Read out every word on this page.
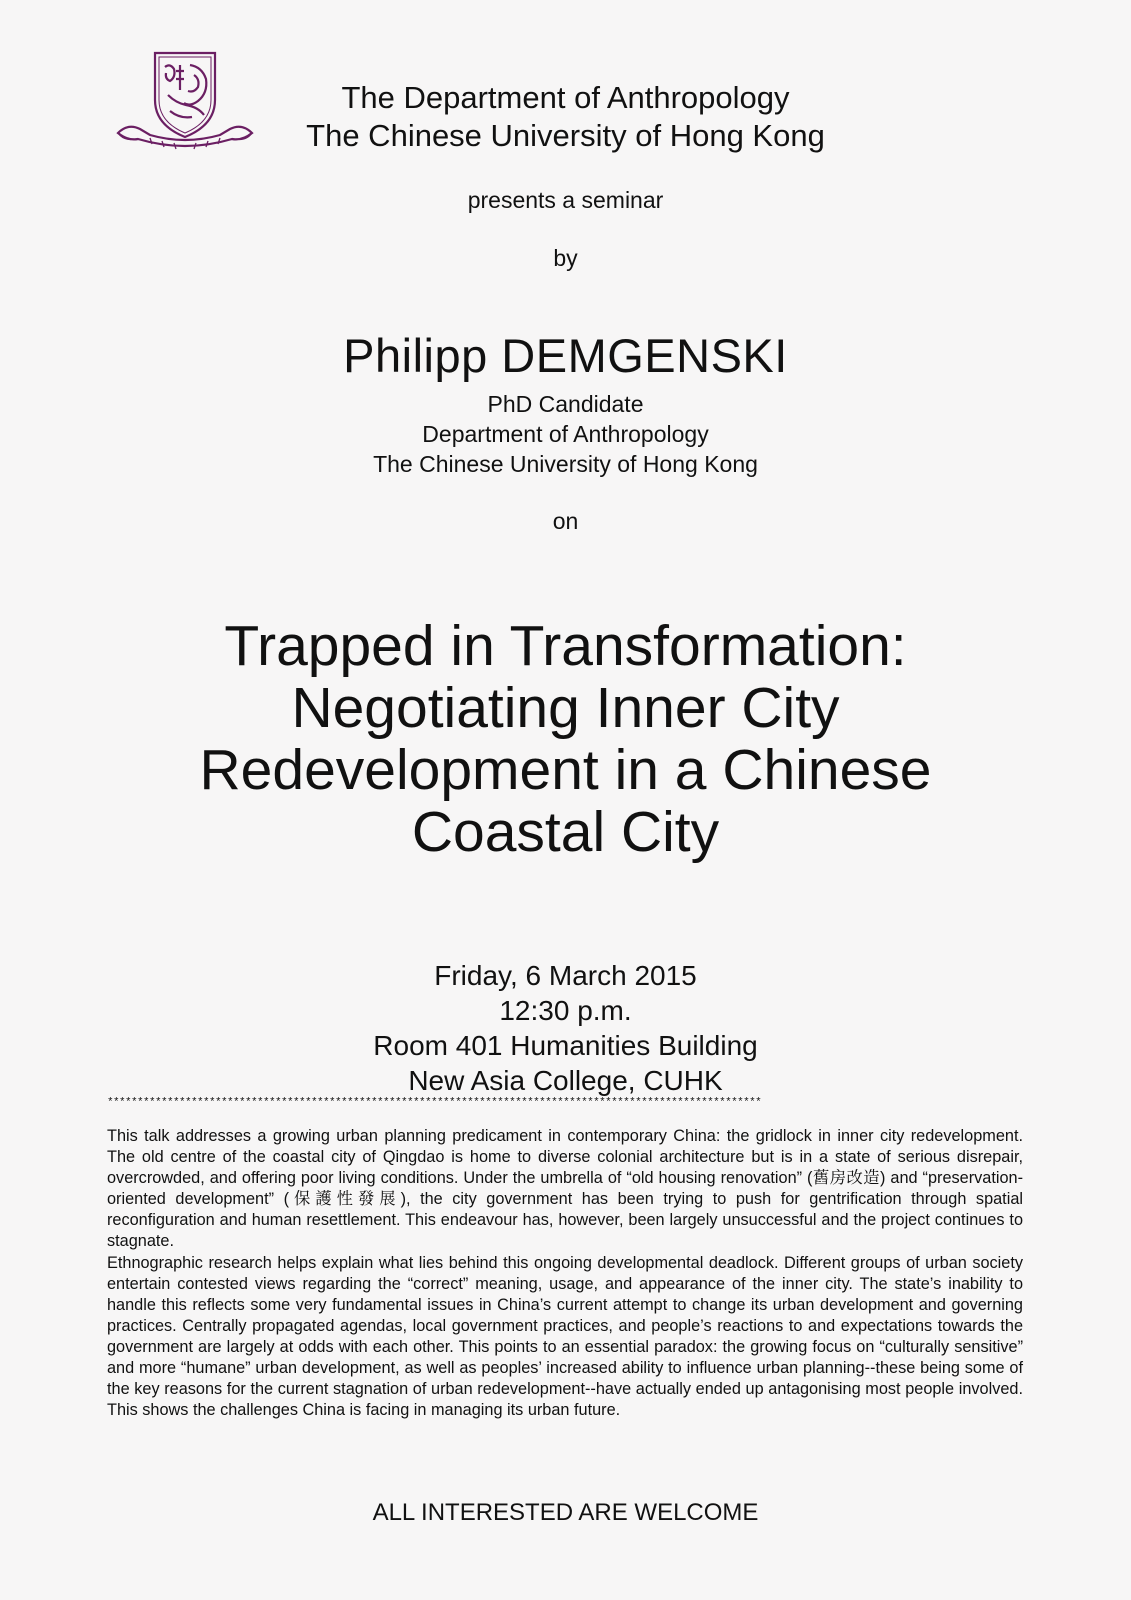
The Department of Anthropology
The Chinese University of Hong Kong
presents a seminar
by
Philipp DEMGENSKI
PhD Candidate
Department of Anthropology
The Chinese University of Hong Kong
on
Trapped in Transformation:
Negotiating Inner City
Redevelopment in a Chinese
Coastal City
Friday, 6 March 2015
12:30 p.m.
Room 401 Humanities Building
New Asia College, CUHK
*************************************************************************************************************

This talk addresses a growing urban planning predicament in contemporary China: the gridlock in inner city redevelopment. The old centre of the coastal city of Qingdao is home to diverse colonial architecture but is in a state of serious disrepair, overcrowded, and offering poor living conditions. Under the umbrella of “old housing renovation” (舊房改造) and “preservation-oriented development” (保護性發展), the city government has been trying to push for gentrification through spatial reconfiguration and human resettlement. This endeavour has, however, been largely unsuccessful and the project continues to stagnate.

Ethnographic research helps explain what lies behind this ongoing developmental deadlock. Different groups of urban society entertain contested views regarding the “correct” meaning, usage, and appearance of the inner city. The state’s inability to handle this reflects some very fundamental issues in China’s current attempt to change its urban development and governing practices. Centrally propagated agendas, local government practices, and people’s reactions to and expectations towards the government are largely at odds with each other. This points to an essential paradox: the growing focus on “culturally sensitive” and more “humane” urban development, as well as peoples’ increased ability to influence urban planning--these being some of the key reasons for the current stagnation of urban redevelopment--have actually ended up antagonising most people involved. This shows the challenges China is facing in managing its urban future.

ALL INTERESTED ARE WELCOME
